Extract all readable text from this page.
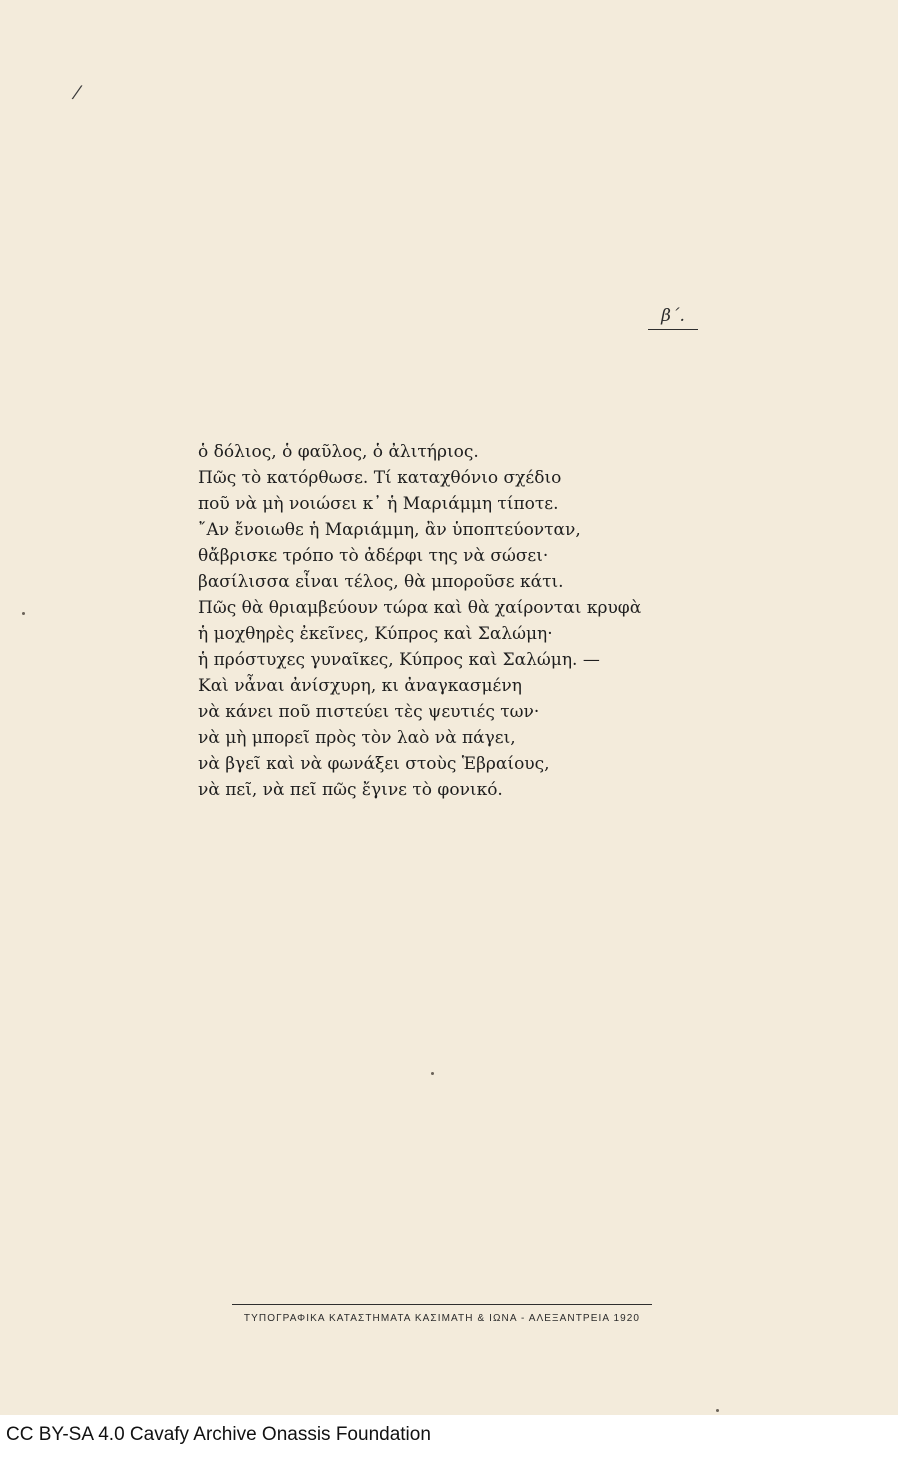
/
β΄.
ὁ δόλιος, ὁ φαῦλος, ὁ ἀλιτήριος.
Πῶς τὸ κατόρθωσε. Τί καταχθόνιο σχέδιο
ποῦ νὰ μὴ νοιώσει κ᾽ ἡ Μαριάμμη τίποτε.
῎Αν ἔνοιωθε ἡ Μαριάμμη, ἂν ὑποπτεύονταν,
θἄβρισκε τρόπο τὸ ἀδέρφι της νὰ σώσει·
βασίλισσα εἶναι τέλος, θὰ μποροῦσε κάτι.
Πῶς θὰ θριαμβεύουν τώρα καὶ θὰ χαίρονται κρυφὰ
ἡ μοχθηρὲς ἐκεῖνες, Κύπρος καὶ Σαλώμη·
ἡ πρόστυχες γυναῖκες, Κύπρος καὶ Σαλώμη. —
Καὶ νἆναι ἀνίσχυρη, κι ἀναγκασμένη
νὰ κάνει ποῦ πιστεύει τὲς ψευτιές των·
νὰ μὴ μπορεῖ πρὸς τὸν λαὸ νὰ πάγει,
νὰ βγεῖ καὶ νὰ φωνάξει στοὺς Ἑβραίους,
νὰ πεῖ, νὰ πεῖ πῶς ἔγινε τὸ φονικό.
ΤΥΠΟΓΡΑΦΙΚΑ ΚΑΤΑΣΤΗΜΑΤΑ ΚΑΣΙΜΑΤΗ & ΙΩΝΑ - ΑΛΕΞΑΝΤΡΕΙΑ 1920
CC BY-SA 4.0 Cavafy Archive Onassis Foundation
